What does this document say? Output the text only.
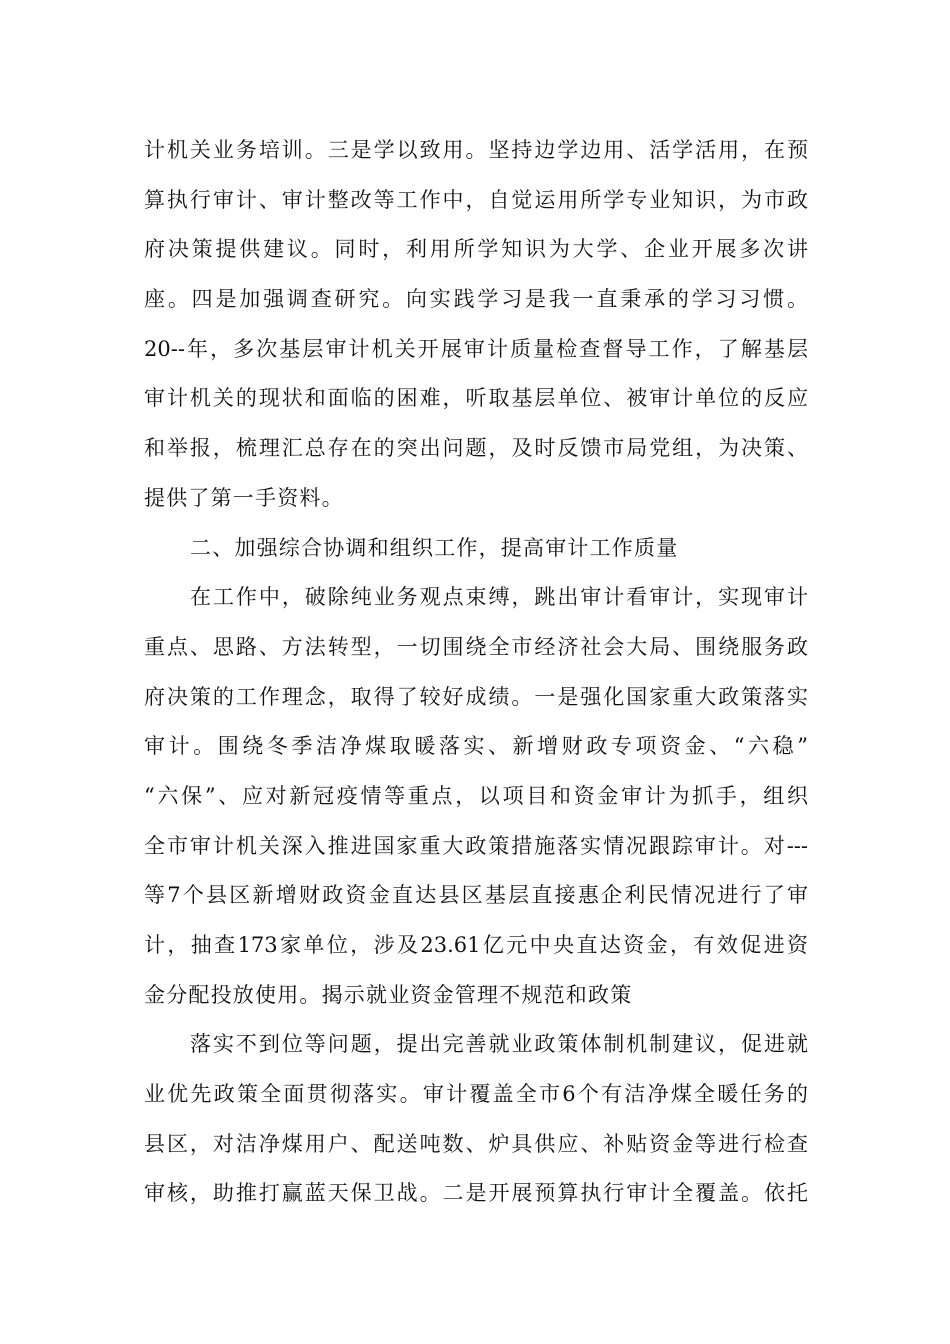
计机关业务培训。三是学以致用。坚持边学边用、活学活用，在预
算执行审计、审计整改等工作中，自觉运用所学专业知识，为市政
府决策提供建议。同时，利用所学知识为大学、企业开展多次讲
座。四是加强调查研究。向实践学习是我一直秉承的学习习惯。
20--年，多次基层审计机关开展审计质量检查督导工作，了解基层
审计机关的现状和面临的困难，听取基层单位、被审计单位的反应
和举报，梳理汇总存在的突出问题，及时反馈市局党组，为决策、
提供了第一手资料。
二、加强综合协调和组织工作，提高审计工作质量
在工作中，破除纯业务观点束缚，跳出审计看审计，实现审计
重点、思路、方法转型，一切围绕全市经济社会大局、围绕服务政
府决策的工作理念，取得了较好成绩。一是强化国家重大政策落实
审计。围绕冬季洁净煤取暖落实、新增财政专项资金、“六稳”
“六保”、应对新冠疫情等重点，以项目和资金审计为抓手，组织
全市审计机关深入推进国家重大政策措施落实情况跟踪审计。对---
等7个县区新增财政资金直达县区基层直接惠企利民情况进行了审
计，抽查173家单位，涉及23.61亿元中央直达资金，有效促进资
金分配投放使用。揭示就业资金管理不规范和政策
落实不到位等问题，提出完善就业政策体制机制建议，促进就
业优先政策全面贯彻落实。审计覆盖全市6个有洁净煤全暖任务的
县区，对洁净煤用户、配送吨数、炉具供应、补贴资金等进行检查
审核，助推打赢蓝天保卫战。二是开展预算执行审计全覆盖。依托
